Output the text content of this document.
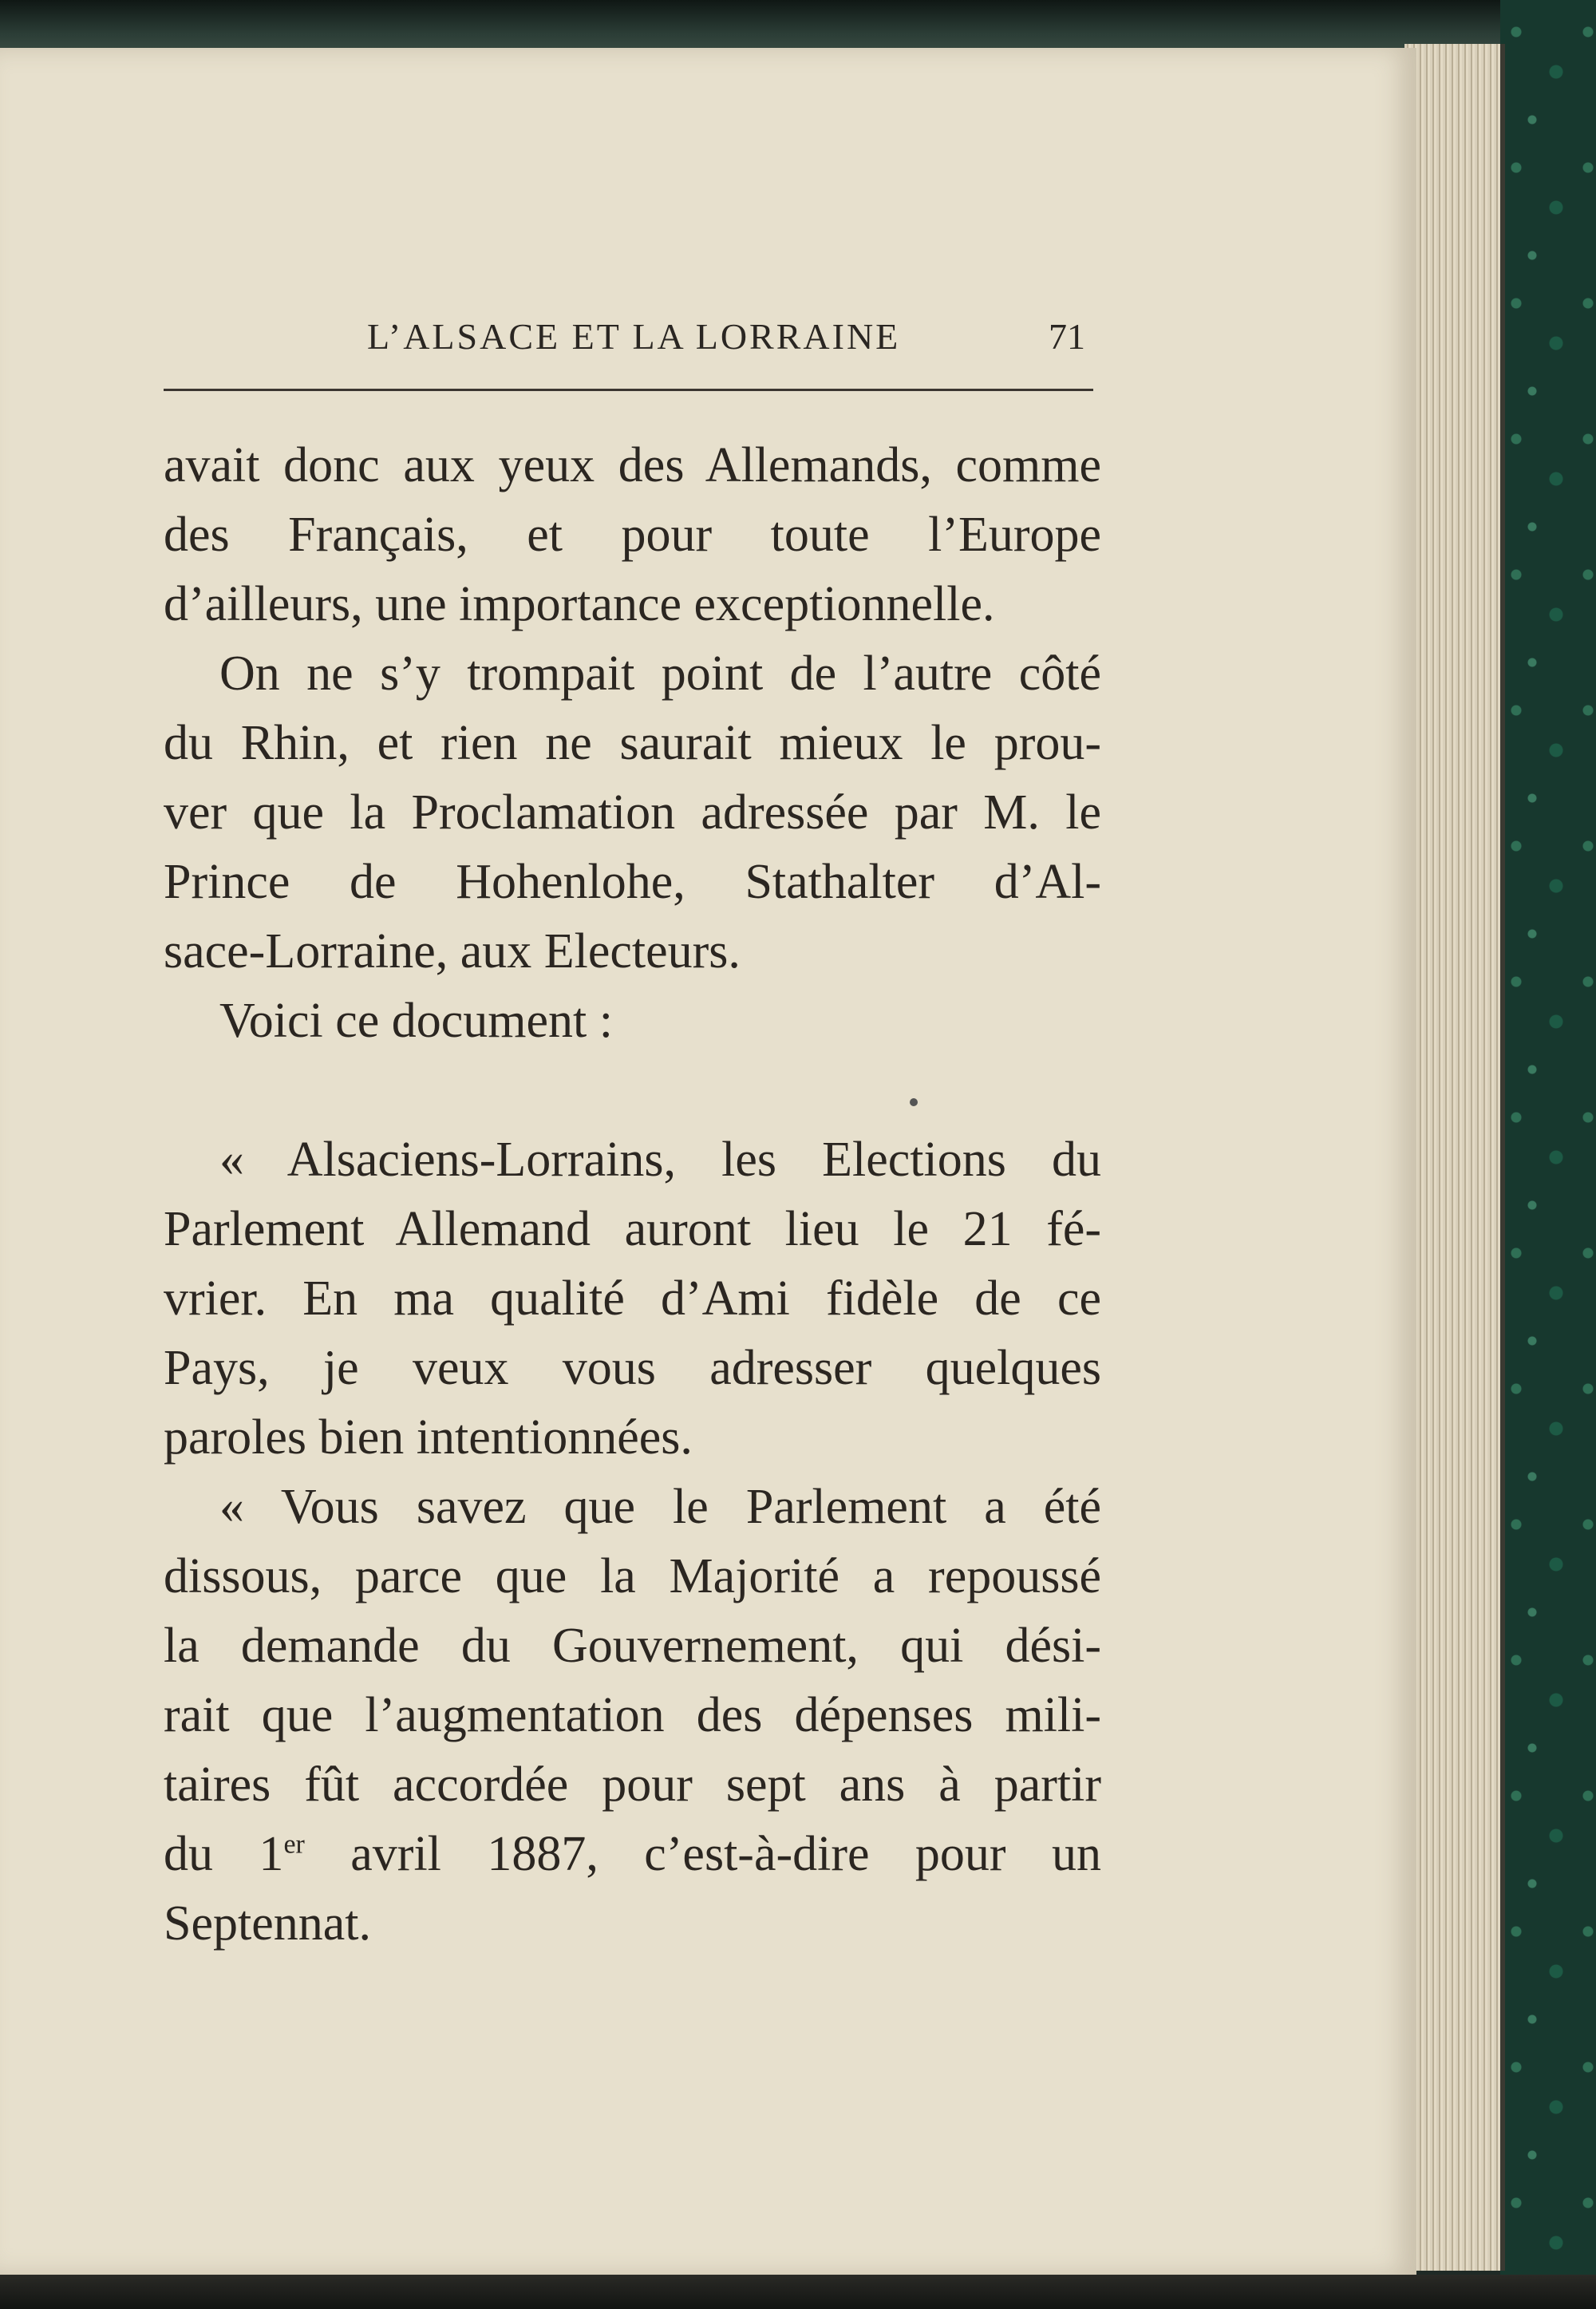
L’ALSACE ET LA LORRAINE	71
avait donc aux yeux des Allemands, comme
des Français, et pour toute l’Europe
d’ailleurs, une importance exceptionnelle.
On ne s’y trompait point de l’autre côté
du Rhin, et rien ne saurait mieux le prou-
ver que la Proclamation adressée par M. le
Prince de Hohenlohe, Stathalter d’Al-
sace-Lorraine, aux Electeurs.
Voici ce document :
« Alsaciens-Lorrains, les Elections du
Parlement Allemand auront lieu le 21 fé-
vrier. En ma qualité d’Ami fidèle de ce
Pays, je veux vous adresser quelques
paroles bien intentionnées.
« Vous savez que le Parlement a été
dissous, parce que la Majorité a repoussé
la demande du Gouvernement, qui dési-
rait que l’augmentation des dépenses mili-
taires fût accordée pour sept ans à partir
du 1er avril 1887, c’est-à-dire pour un
Septennat.
